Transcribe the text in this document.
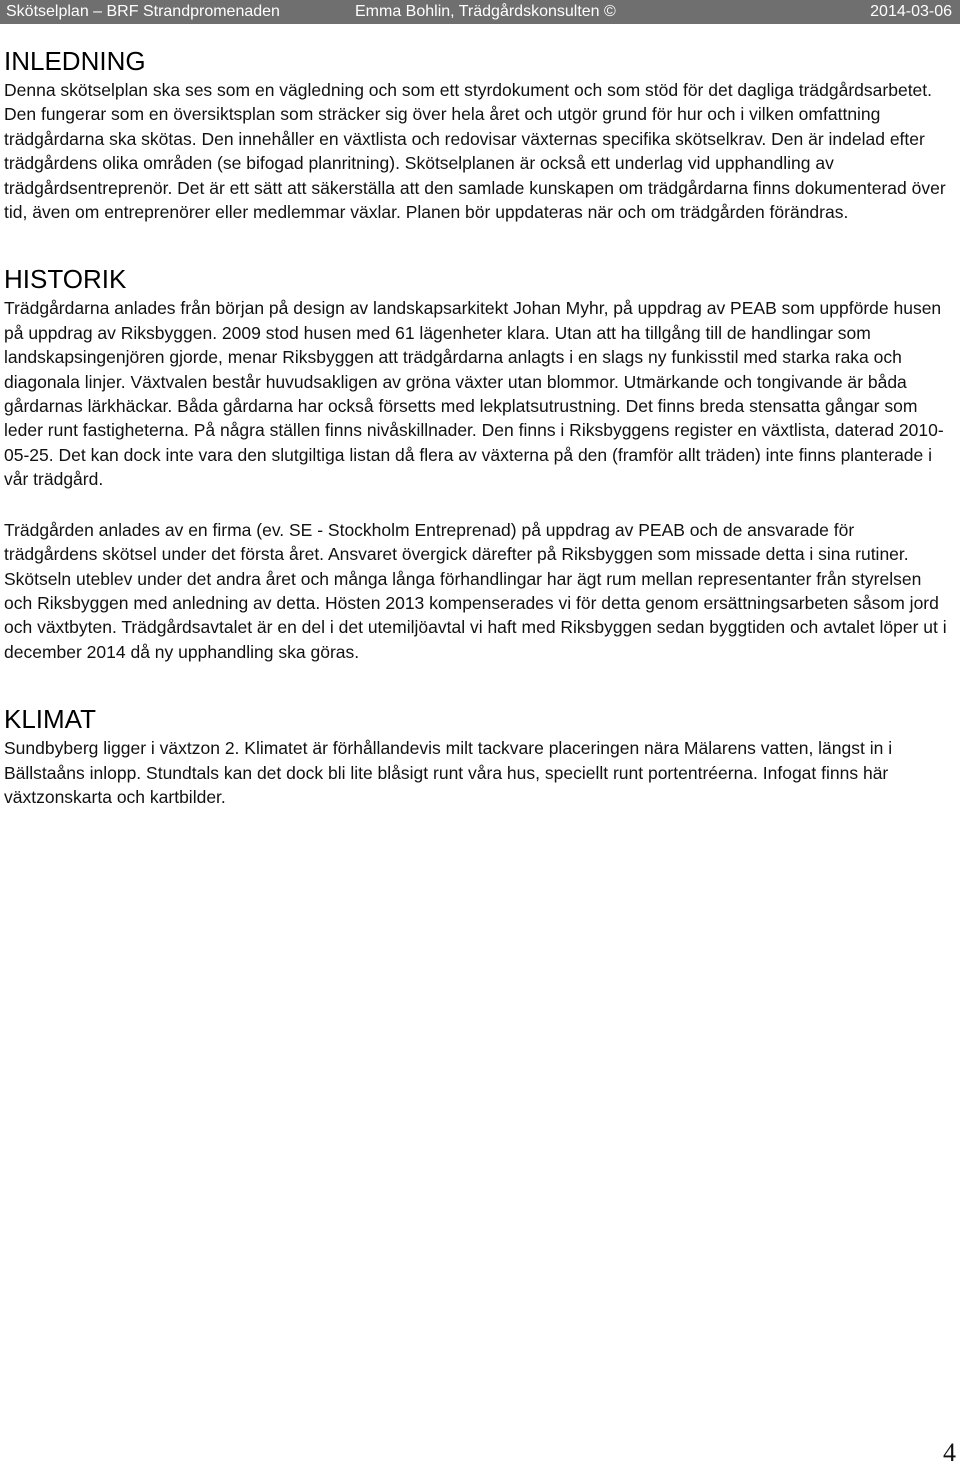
Skötselplan – BRF Strandpromenaden	Emma Bohlin, Trädgårdskonsulten ©	2014-03-06
INLEDNING

Denna skötselplan ska ses som en vägledning och som ett styrdokument och som stöd för det dagliga trädgårdsarbetet. Den fungerar som en översiktsplan som sträcker sig över hela året och utgör grund för hur och i vilken omfattning trädgårdarna ska skötas. Den innehåller en växtlista och redovisar växternas specifika skötselkrav. Den är indelad efter trädgårdens olika områden (se bifogad planritning). Skötselplanen är också ett underlag vid upphandling av trädgårdsentreprenör. Det är ett sätt att säkerställa att den samlade kunskapen om trädgårdarna finns dokumenterad över tid, även om entreprenörer eller medlemmar växlar. Planen bör uppdateras när och om trädgården förändras.

HISTORIK

Trädgårdarna anlades från början på design av landskapsarkitekt Johan Myhr, på uppdrag av PEAB som uppförde husen på uppdrag av Riksbyggen. 2009 stod husen med 61 lägenheter klara. Utan att ha tillgång till de handlingar som landskapsingenjören gjorde, menar Riksbyggen att trädgårdarna anlagts i en slags ny funkisstil med starka raka och diagonala linjer. Växtvalen består huvudsakligen av gröna växter utan blommor. Utmärkande och tongivande är båda gårdarnas lärkhäckar. Båda gårdarna har också försetts med lekplatsutrustning. Det finns breda stensatta gångar som leder runt fastigheterna. På några ställen finns nivåskillnader. Den finns i Riksbyggens register en växtlista, daterad 2010-05-25. Det kan dock inte vara den slutgiltiga listan då flera av växterna på den (framför allt träden) inte finns planterade i vår trädgård.

Trädgården anlades av en firma (ev. SE - Stockholm Entreprenad) på uppdrag av PEAB och de ansvarade för trädgårdens skötsel under det första året. Ansvaret övergick därefter på Riksbyggen som missade detta i sina rutiner. Skötseln uteblev under det andra året och många långa förhandlingar har ägt rum mellan representanter från styrelsen och Riksbyggen med anledning av detta. Hösten 2013 kompenserades vi för detta genom ersättningsarbeten såsom jord och växtbyten. Trädgårdsavtalet är en del i det utemiljöavtal vi haft med Riksbyggen sedan byggtiden och avtalet löper ut i december 2014 då ny upphandling ska göras.

KLIMAT

Sundbyberg ligger i växtzon 2. Klimatet är förhållandevis milt tackvare placeringen nära Mälarens vatten, längst in i Bällstaåns inlopp. Stundtals kan det dock bli lite blåsigt runt våra hus, speciellt runt portentréerna. Infogat finns här växtzonskarta och kartbilder.

4
